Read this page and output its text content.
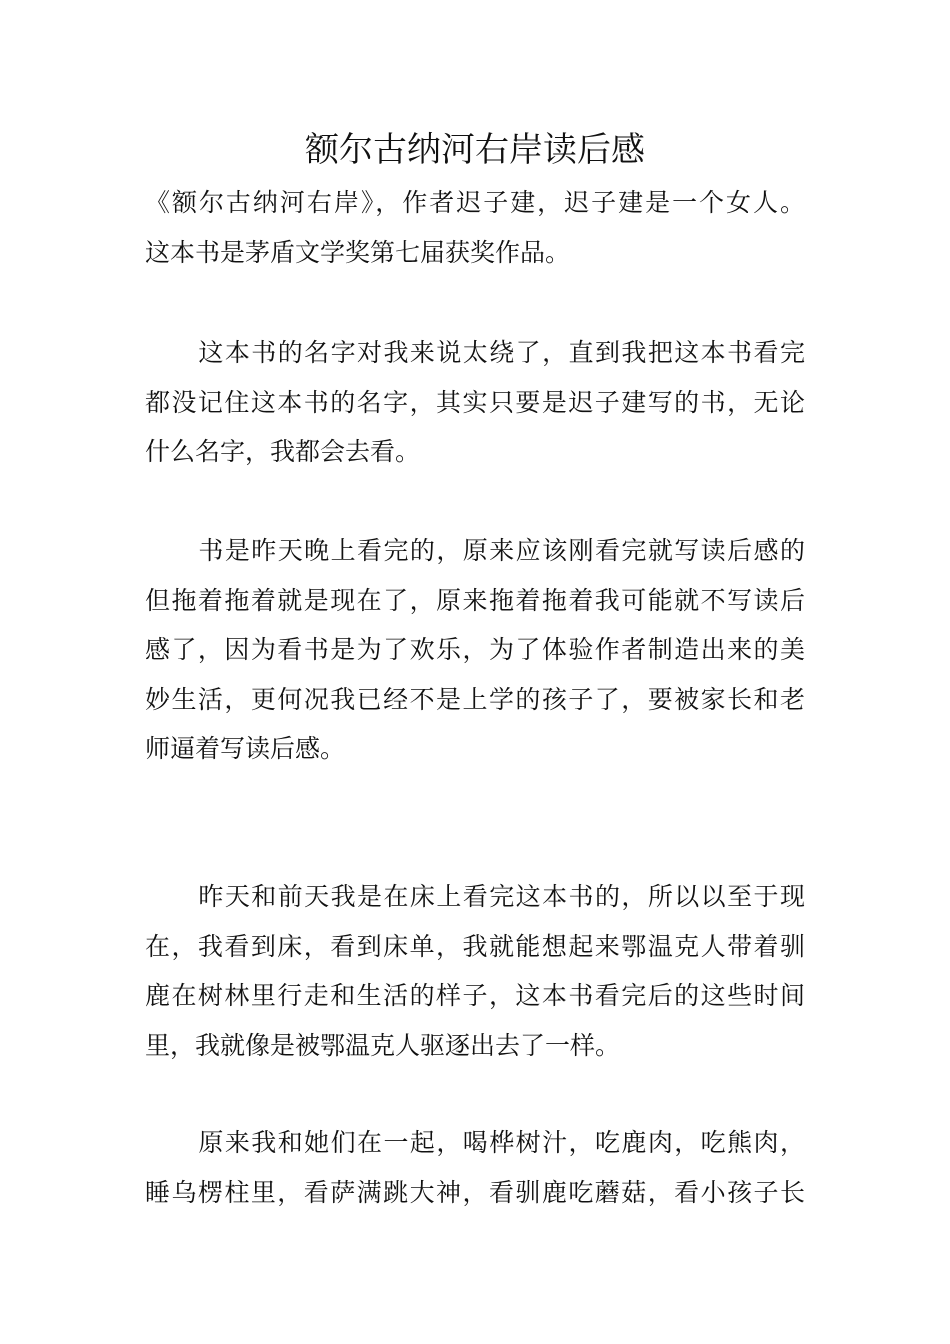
额尔古纳河右岸读后感
《额尔古纳河右岸》，作者迟子建，迟子建是一个女人。
这本书是茅盾文学奖第七届获奖作品。
这本书的名字对我来说太绕了，直到我把这本书看完
都没记住这本书的名字，其实只要是迟子建写的书，无论
什么名字，我都会去看。
书是昨天晚上看完的，原来应该刚看完就写读后感的
但拖着拖着就是现在了，原来拖着拖着我可能就不写读后
感了，因为看书是为了欢乐，为了体验作者制造出来的美
妙生活，更何况我已经不是上学的孩子了，要被家长和老
师逼着写读后感。
昨天和前天我是在床上看完这本书的，所以以至于现
在，我看到床，看到床单，我就能想起来鄂温克人带着驯
鹿在树林里行走和生活的样子，这本书看完后的这些时间
里，我就像是被鄂温克人驱逐出去了一样。
原来我和她们在一起，喝桦树汁，吃鹿肉，吃熊肉，
睡乌楞柱里，看萨满跳大神，看驯鹿吃蘑菇，看小孩子长
